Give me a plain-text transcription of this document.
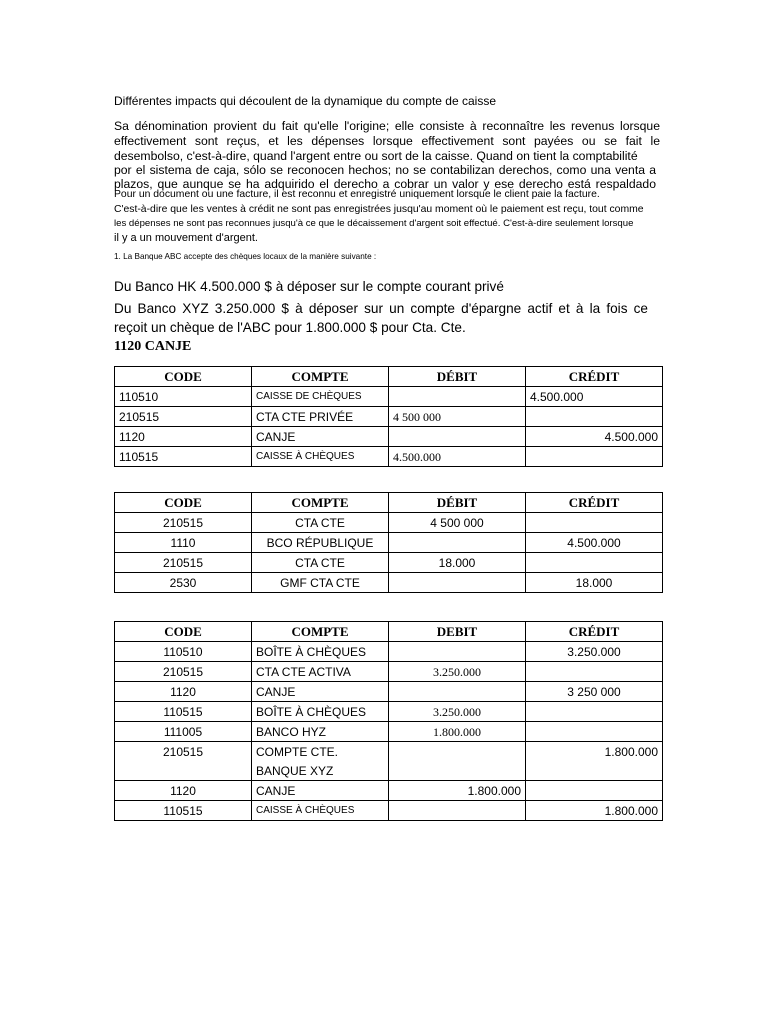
Différentes impacts qui découlent de la dynamique du compte de caisse
Sa dénomination provient du fait qu'elle l'origine; elle consiste à reconnaître les revenus lorsque
effectivement sont reçus, et les dépenses lorsque effectivement sont payées ou se fait le
desembolso, c'est-à-dire, quand l'argent entre ou sort de la caisse. Quand on tient la comptabilité
por el sistema de caja, sólo se reconocen hechos; no se contabilizan derechos, como una venta a
plazos, que aunque se ha adquirido el derecho a cobrar un valor y ese derecho está respaldado
Pour un document ou une facture, il est reconnu et enregistré uniquement lorsque le client paie la facture.
C'est-à-dire que les ventes à crédit ne sont pas enregistrées jusqu'au moment où le paiement est reçu, tout comme
les dépenses ne sont pas reconnues jusqu'à ce que le décaissement d'argent soit effectué. C'est-à-dire seulement lorsque
il y a un mouvement d'argent.
1. La Banque ABC accepte des chèques locaux de la manière suivante :
Du Banco HK 4.500.000 $ à déposer sur le compte courant privé
Du Banco XYZ 3.250.000 $ à déposer sur un compte d'épargne actif et à la fois ce
reçoit un chèque de l'ABC pour 1.800.000 $ pour Cta. Cte.
1120 CANJE
CODE	COMPTE	DÉBIT	CRÉDIT
110510	CAISSE DE CHÈQUES		4.500.000
210515	CTA CTE PRIVÉE	4 500 000	
1120	CANJE		4.500.000
110515	CAISSE À CHÈQUES	4.500.000	
CODE	COMPTE	DÉBIT	CRÉDIT
210515	CTA CTE	4 500 000	
1110	BCO RÉPUBLIQUE		4.500.000
210515	CTA CTE	18.000	
2530	GMF CTA CTE		18.000
CODE	COMPTE	DEBIT	CRÉDIT
110510	BOÎTE À CHÈQUES		3.250.000
210515	CTA CTE ACTIVA	3.250.000	
1120	CANJE		3 250 000
110515	BOÎTE À CHÈQUES	3.250.000	
111005	BANCO HYZ	1.800.000	
210515	COMPTE CTE.		1.800.000
	BANQUE XYZ		
1120	CANJE	1.800.000	
110515	CAISSE À CHÈQUES		1.800.000
